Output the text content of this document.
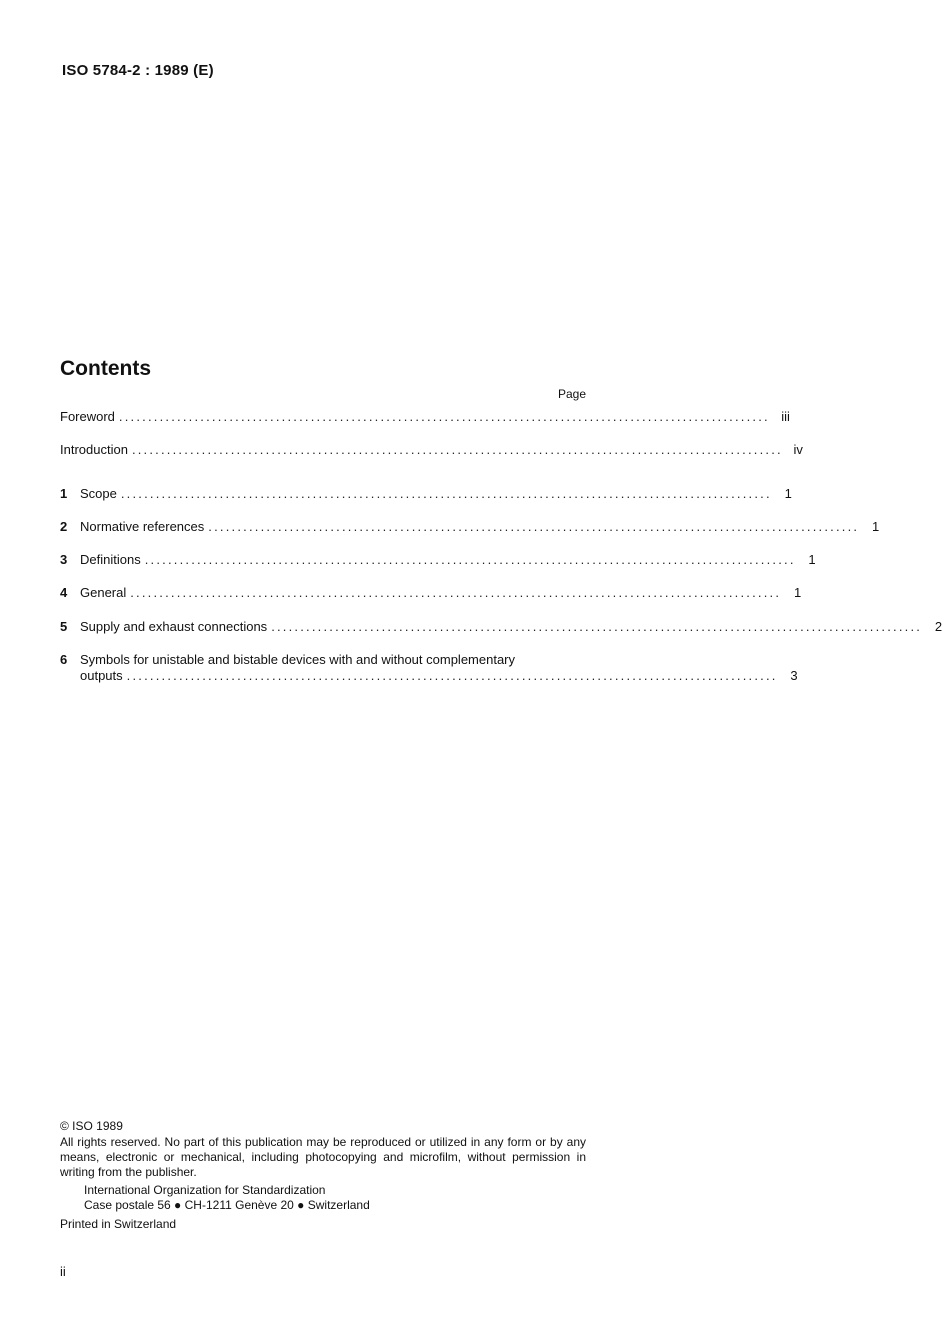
ISO 5784-2 : 1989 (E)
Contents
Page
Foreword ................................................................................................................ iii
Introduction ................................................................................................................ iv
1 Scope ................................................................................................................ 1
2 Normative references ................................................................................................................ 1
3 Definitions ................................................................................................................ 1
4 General ................................................................................................................ 1
5 Supply and exhaust connections ................................................................................................................ 2
6 Symbols for unistable and bistable devices with and without complementary
outputs ................................................................................................................ 3
© ISO 1989
All rights reserved. No part of this publication may be reproduced or utilized in any form or by any means, electronic or mechanical, including photocopying and microfilm, without permission in writing from the publisher.
International Organization for Standardization
Case postale 56 ● CH-1211 Genève 20 ● Switzerland
Printed in Switzerland
ii
